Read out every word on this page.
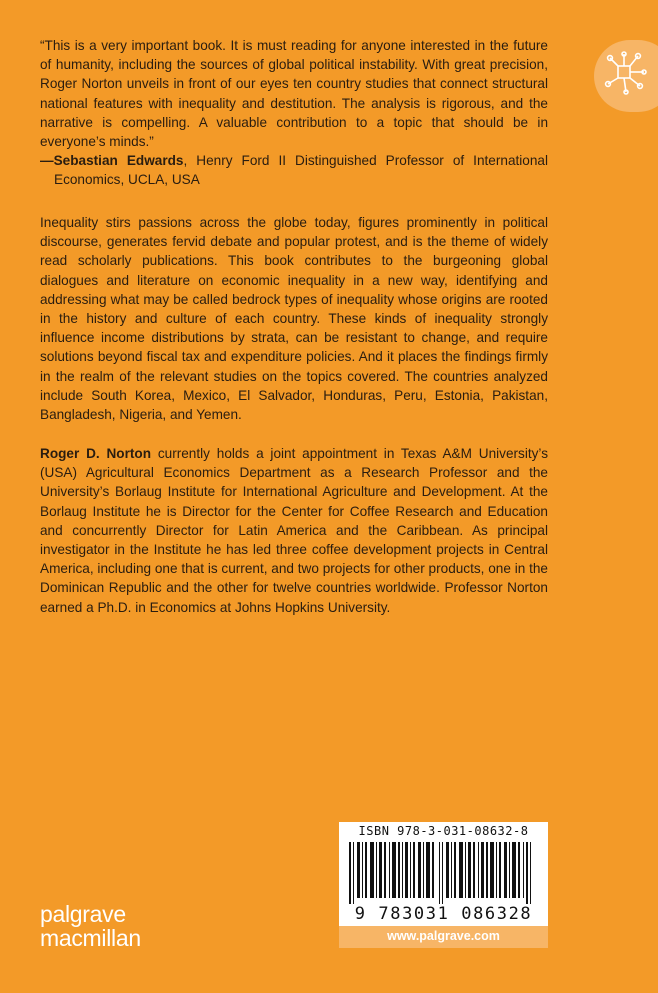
“This is a very important book. It is must reading for anyone interested in the future of humanity, including the sources of global political instability. With great precision, Roger Norton unveils in front of our eyes ten country studies that connect structural national features with inequality and destitution. The analysis is rigorous, and the narrative is compelling. A valuable contribution to a topic that should be in everyone’s minds.”

—Sebastian Edwards, Henry Ford II Distinguished Professor of International Economics, UCLA, USA

Inequality stirs passions across the globe today, figures prominently in political discourse, generates fervid debate and popular protest, and is the theme of widely read scholarly publications. This book contributes to the burgeoning global dialogues and literature on economic inequality in a new way, identifying and addressing what may be called bedrock types of inequality whose origins are rooted in the history and culture of each country. These kinds of inequality strongly influence income distributions by strata, can be resistant to change, and require solutions beyond fiscal tax and expenditure policies. And it places the findings firmly in the realm of the relevant studies on the topics covered. The countries analyzed include South Korea, Mexico, El Salvador, Honduras, Peru, Estonia, Pakistan, Bangladesh, Nigeria, and Yemen.

Roger D. Norton currently holds a joint appointment in Texas A&M University’s (USA) Agricultural Economics Department as a Research Professor and the University’s Borlaug Institute for International Agriculture and Development. At the Borlaug Institute he is Director for the Center for Coffee Research and Education and concurrently Director for Latin America and the Caribbean. As principal investigator in the Institute he has led three coffee development projects in Central America, including one that is current, and two projects for other products, one in the Dominican Republic and the other for twelve countries worldwide. Professor Norton earned a Ph.D. in Economics at Johns Hopkins University.

ISBN 978-3-031-08632-8
9 783031 086328
www.palgrave.com
palgrave
macmillan
